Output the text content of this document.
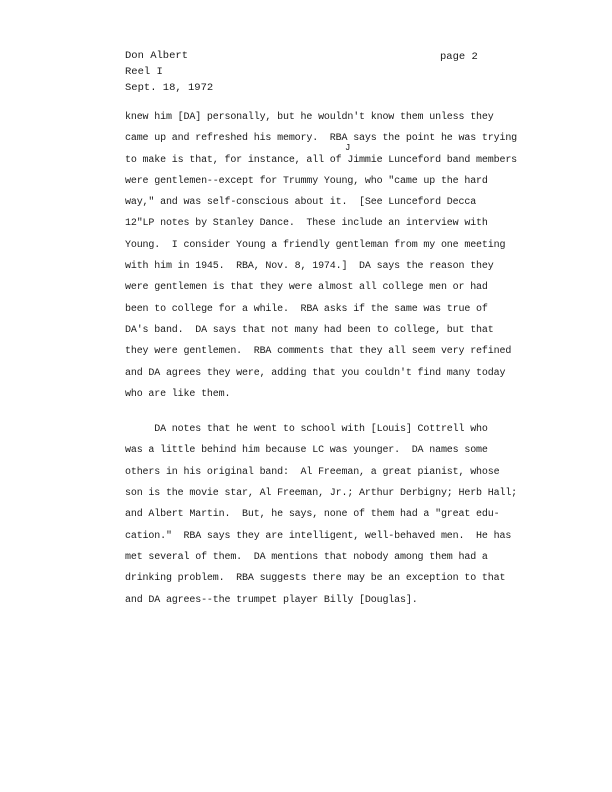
Don Albert
Reel I
Sept. 18, 1972
page 2
J
knew him [DA] personally, but he wouldn't know them unless they
came up and refreshed his memory.  RBA says the point he was trying
to make is that, for instance, all of Jimmie Lunceford band members
were gentlemen--except for Trummy Young, who "came up the hard
way," and was self-conscious about it.  [See Lunceford Decca
12"LP notes by Stanley Dance.  These include an interview with
Young.  I consider Young a friendly gentleman from my one meeting
with him in 1945.  RBA, Nov. 8, 1974.]  DA says the reason they
were gentlemen is that they were almost all college men or had
been to college for a while.  RBA asks if the same was true of
DA's band.  DA says that not many had been to college, but that
they were gentlemen.  RBA comments that they all seem very refined
and DA agrees they were, adding that you couldn't find many today
who are like them.
DA notes that he went to school with [Louis] Cottrell who
was a little behind him because LC was younger.  DA names some
others in his original band:  Al Freeman, a great pianist, whose
son is the movie star, Al Freeman, Jr.; Arthur Derbigny; Herb Hall;
and Albert Martin.  But, he says, none of them had a "great edu-
cation."  RBA says they are intelligent, well-behaved men.  He has
met several of them.  DA mentions that nobody among them had a
drinking problem.  RBA suggests there may be an exception to that
and DA agrees--the trumpet player Billy [Douglas].
